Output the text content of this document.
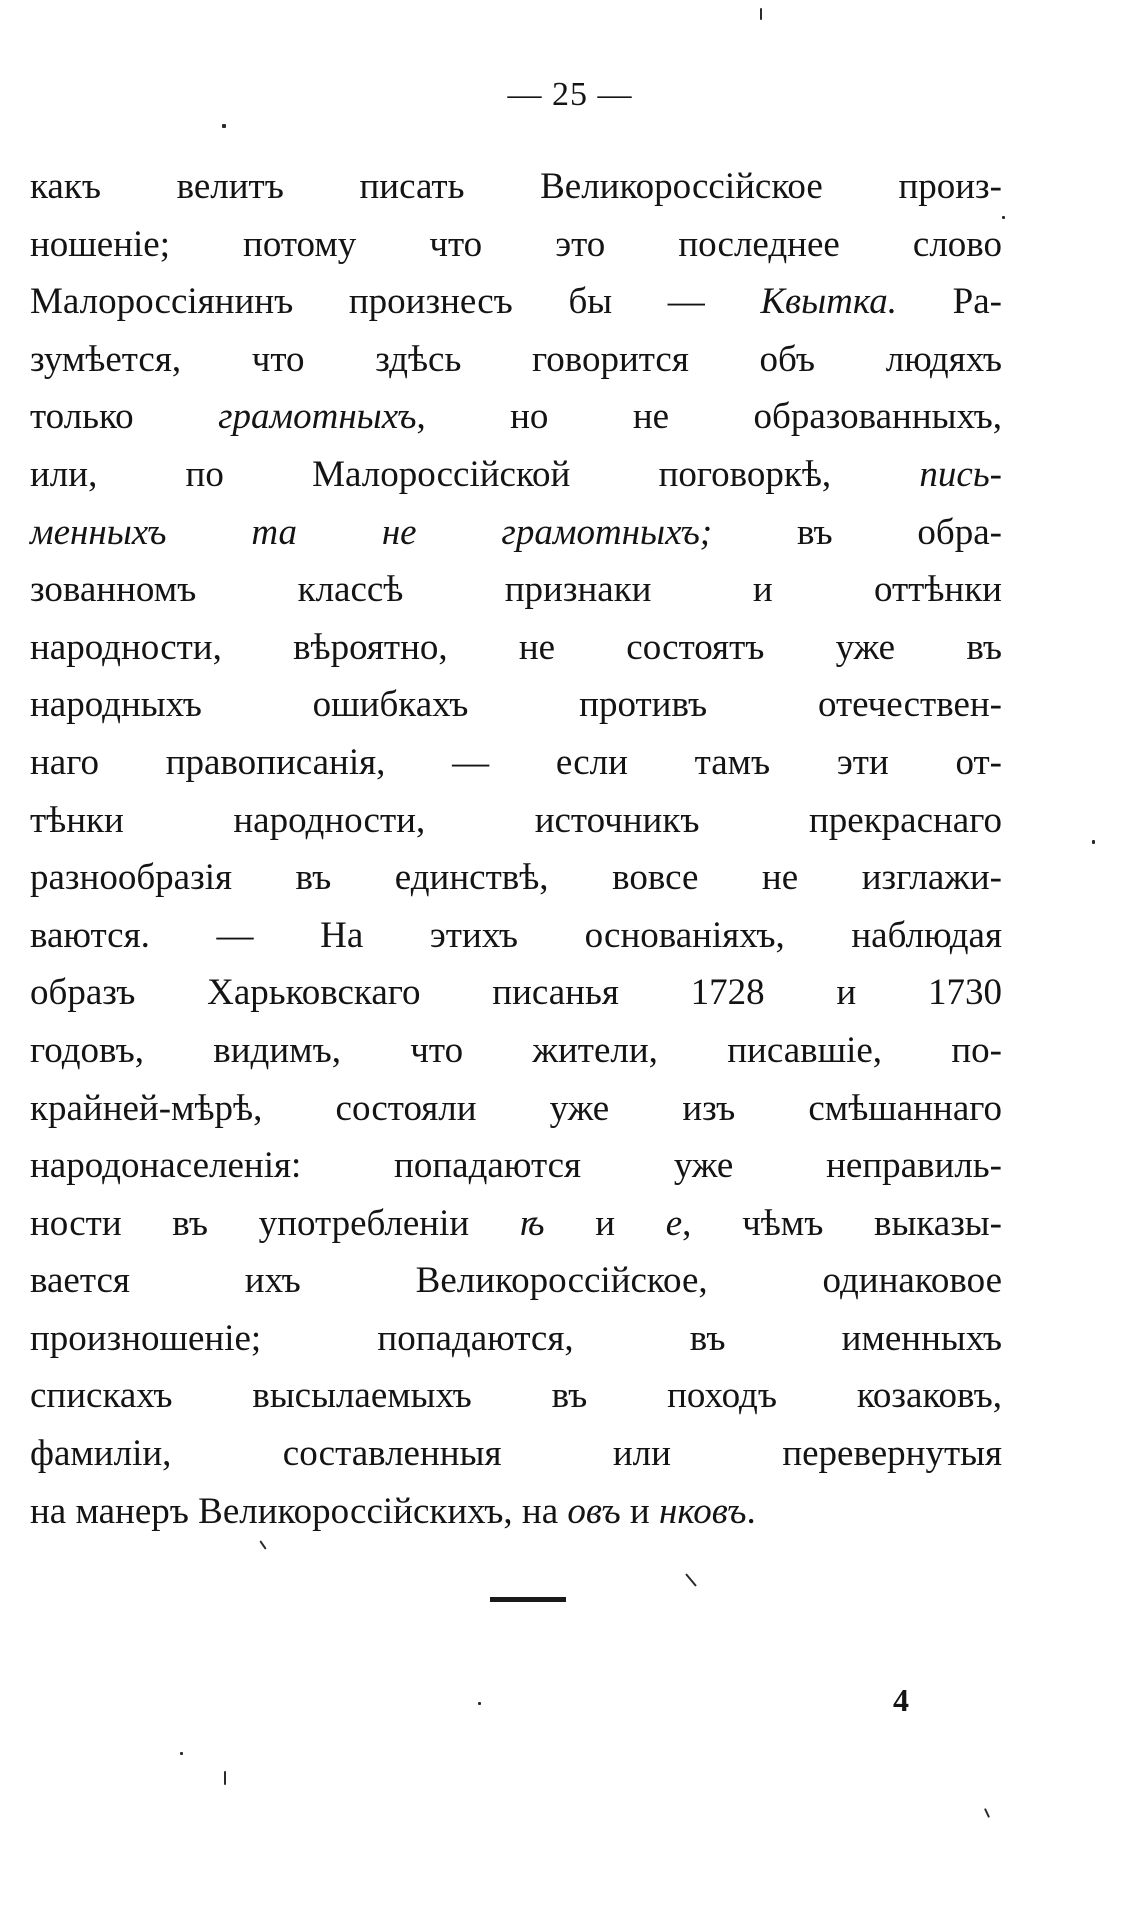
— 25 —
какъ велитъ писать Великороссійское произ-
ношеніе; потому что это последнее слово
Малороссіянинъ произнесъ бы — Квытка. Ра-
зумѣется, что здѣсь говорится объ людяхъ
только грамотныхъ, но не образованныхъ,
или, по Малороссійской поговоркѣ, пись-
менныхъ та не грамотныхъ; въ обра-
зованномъ классѣ признаки и оттѣнки
народности, вѣроятно, не состоятъ уже въ
народныхъ ошибкахъ противъ отечествен-
наго правописанія, — если тамъ эти от-
тѣнки народности, источникъ прекраснаго
разнообразія въ единствѣ, вовсе не изглажи-
ваются. — На этихъ основаніяхъ, наблюдая
образъ Харьковскаго писанья 1728 и 1730
годовъ, видимъ, что жители, писавшіе, по-
крайней-мѣрѣ, состояли уже изъ смѣшаннаго
народонаселенія: попадаются уже неправиль-
ности въ употребленіи ѣ и е, чѣмъ выказы-
вается ихъ Великороссійское, одинаковое
произношеніе; попадаются, въ именныхъ
спискахъ высылаемыхъ въ походъ козаковъ,
фамиліи, составленныя или перевернутыя
на манеръ Великороссійскихъ, на овъ и нковъ.
4
